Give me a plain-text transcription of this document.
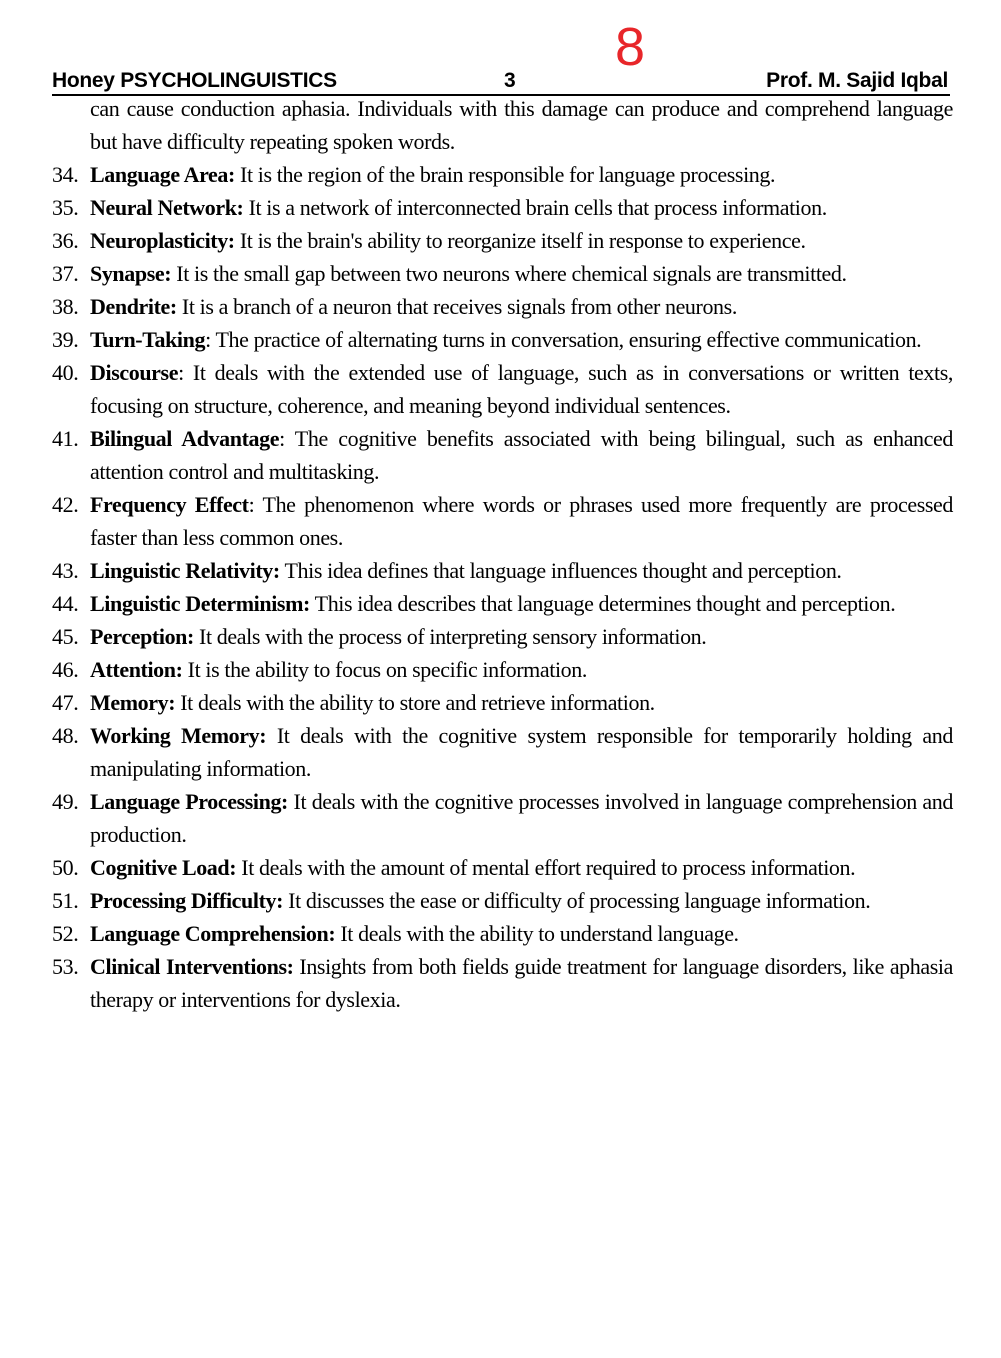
8
Honey PSYCHOLINGUISTICS	3	Prof. M. Sajid Iqbal
can cause conduction aphasia. Individuals with this damage can produce and comprehend language but have difficulty repeating spoken words.
34. Language Area: It is the region of the brain responsible for language processing.
35. Neural Network: It is a network of interconnected brain cells that process information.
36. Neuroplasticity: It is the brain's ability to reorganize itself in response to experience.
37. Synapse: It is the small gap between two neurons where chemical signals are transmitted.
38. Dendrite: It is a branch of a neuron that receives signals from other neurons.
39. Turn-Taking: The practice of alternating turns in conversation, ensuring effective communication.
40. Discourse: It deals with the extended use of language, such as in conversations or written texts, focusing on structure, coherence, and meaning beyond individual sentences.
41. Bilingual Advantage: The cognitive benefits associated with being bilingual, such as enhanced attention control and multitasking.
42. Frequency Effect: The phenomenon where words or phrases used more frequently are processed faster than less common ones.
43. Linguistic Relativity: This idea defines that language influences thought and perception.
44. Linguistic Determinism: This idea describes that language determines thought and perception.
45. Perception: It deals with the process of interpreting sensory information.
46. Attention: It is the ability to focus on specific information.
47. Memory: It deals with the ability to store and retrieve information.
48. Working Memory: It deals with the cognitive system responsible for temporarily holding and manipulating information.
49. Language Processing: It deals with the cognitive processes involved in language comprehension and production.
50. Cognitive Load: It deals with the amount of mental effort required to process information.
51. Processing Difficulty: It discusses the ease or difficulty of processing language information.
52. Language Comprehension: It deals with the ability to understand language.
53. Clinical Interventions: Insights from both fields guide treatment for language disorders, like aphasia therapy or interventions for dyslexia.
